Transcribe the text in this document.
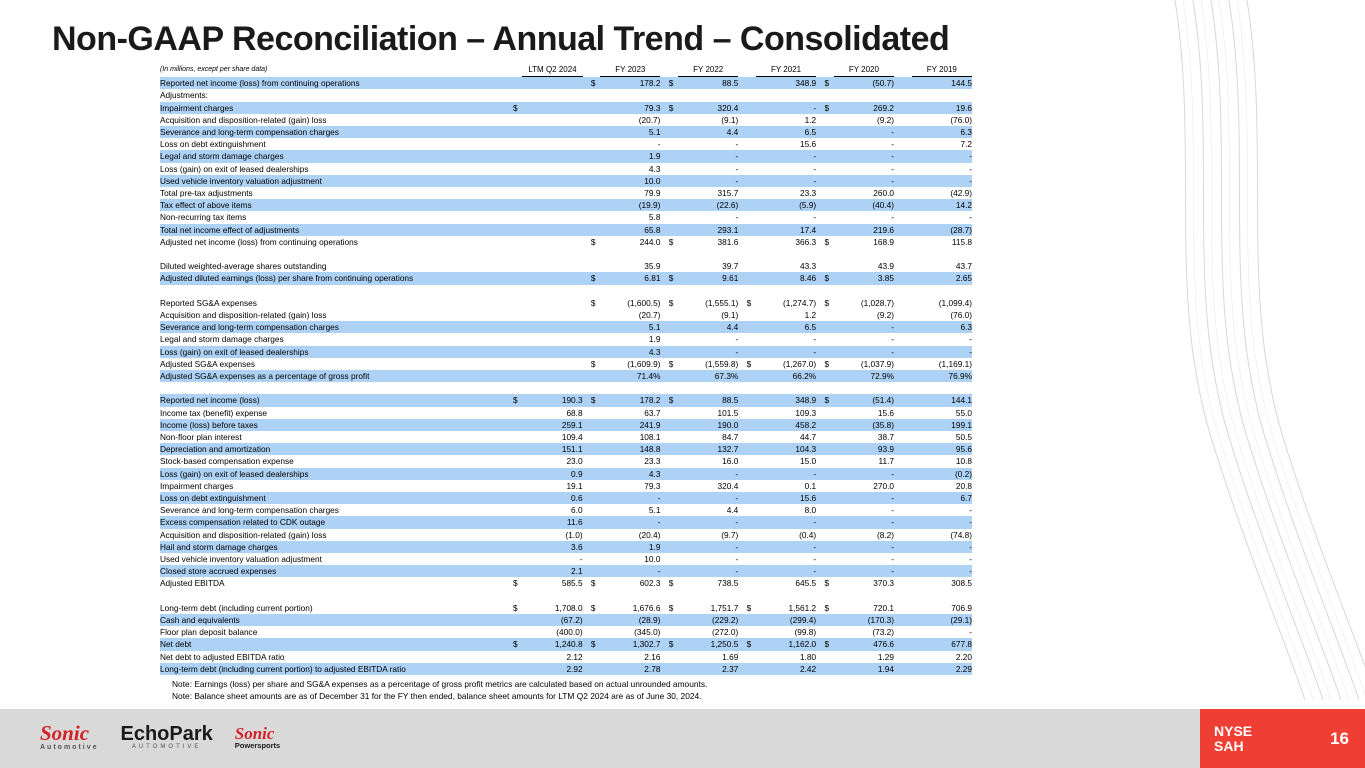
Non-GAAP Reconciliation – Annual Trend – Consolidated
(In millions, except per share data)		LTM Q2 2024			FY 2023			FY 2022			FY 2021			FY 2020			FY 2019
Reported net income (loss) from continuing operations				$	178.2		$	88.5			348.9		$	(50.7)			144.5
Adjustments:																	
Impairment charges	$				79.3		$	320.4			-		$	269.2			19.6
Acquisition and disposition-related (gain) loss					(20.7)			(9.1)			1.2			(9.2)			(76.0)
Severance and long-term compensation charges					5.1			4.4			6.5			-			6.3
Loss on debt extinguishment					-			-			15.6			-			7.2
Legal and storm damage charges					1.9			-			-			-			-
Loss (gain) on exit of leased dealerships					4.3			-			-			-			-
Used vehicle inventory valuation adjustment					10.0			-			-			-			-
Total pre-tax adjustments					79.9			315.7			23.3			260.0			(42.9)
Tax effect of above items					(19.9)			(22.6)			(5.9)			(40.4)			14.2
Non-recurring tax items					5.8			-			-			-			-
Total net income effect of adjustments					65.8			293.1			17.4			219.6			(28.7)
Adjusted net income (loss) from continuing operations				$	244.0		$	381.6			366.3		$	168.9			115.8

Diluted weighted-average shares outstanding					35.9			39.7			43.3			43.9			43.7
Adjusted diluted earnings (loss) per share from continuing operations				$	6.81		$	9.61			8.46		$	3.85			2.65

Reported SG&A expenses				$	(1,600.5)		$	(1,555.1)		$	(1,274.7)		$	(1,028.7)			(1,099.4)
Acquisition and disposition-related (gain) loss					(20.7)			(9.1)			1.2			(9.2)			(76.0)
Severance and long-term compensation charges					5.1			4.4			6.5			-			6.3
Legal and storm damage charges					1.9			-			-			-			-
Loss (gain) on exit of leased dealerships					4.3			-			-			-			-
Adjusted SG&A expenses				$	(1,609.9)		$	(1,559.8)		$	(1,267.0)		$	(1,037.9)			(1,169.1)
Adjusted SG&A expenses as a percentage of gross profit					71.4%			67.3%			66.2%			72.9%			76.9%

Reported net income (loss)	$	190.3		$	178.2		$	88.5			348.9		$	(51.4)			144.1
Income tax (benefit) expense		68.8			63.7			101.5			109.3			15.6			55.0
Income (loss) before taxes		259.1			241.9			190.0			458.2			(35.8)			199.1
Non-floor plan interest		109.4			108.1			84.7			44.7			38.7			50.5
Depreciation and amortization		151.1			148.8			132.7			104.3			93.9			95.6
Stock-based compensation expense		23.0			23.3			16.0			15.0			11.7			10.8
Loss (gain) on exit of leased dealerships		0.9			4.3			-			-			-			(0.2)
Impairment charges		19.1			79.3			320.4			0.1			270.0			20.8
Loss on debt extinguishment		0.6			-			-			15.6			-			6.7
Severance and long-term compensation charges		6.0			5.1			4.4			8.0			-			-
Excess compensation related to CDK outage		11.6			-			-			-			-			-
Acquisition and disposition-related (gain) loss		(1.0)			(20.4)			(9.7)			(0.4)			(8.2)			(74.8)
Hail and storm damage charges		3.6			1.9			-			-			-			-
Used vehicle inventory valuation adjustment		-			10.0			-			-			-			-
Closed store accrued expenses		2.1			-			-			-			-			-
Adjusted EBITDA	$	585.5		$	602.3		$	738.5			645.5		$	370.3			308.5

Long-term debt (including current portion)	$	1,708.0		$	1,676.6		$	1,751.7		$	1,561.2		$	720.1			706.9
Cash and equivalents		(67.2)			(28.9)			(229.2)			(299.4)			(170.3)			(29.1)
Floor plan deposit balance		(400.0)			(345.0)			(272.0)			(99.8)			(73.2)			-
Net debt	$	1,240.8		$	1,302.7		$	1,250.5		$	1,162.0		$	476.6			677.8
Net debt to adjusted EBITDA ratio		2.12			2.16			1.69			1.80			1.29			2.20
Long-term debt (including current portion) to adjusted EBITDA ratio		2.92			2.78			2.37			2.42			1.94			2.29
Note: Earnings (loss) per share and SG&A expenses as a percentage of gross profit metrics are calculated based on actual unrounded amounts.
Note: Balance sheet amounts are as of December 31 for the FY then ended, balance sheet amounts for LTM Q2 2024 are as of June 30, 2024.
Sonic
Automotive
EchoPark
AUTOMOTIVE
Sonic
Powersports
NYSE
SAH	16
